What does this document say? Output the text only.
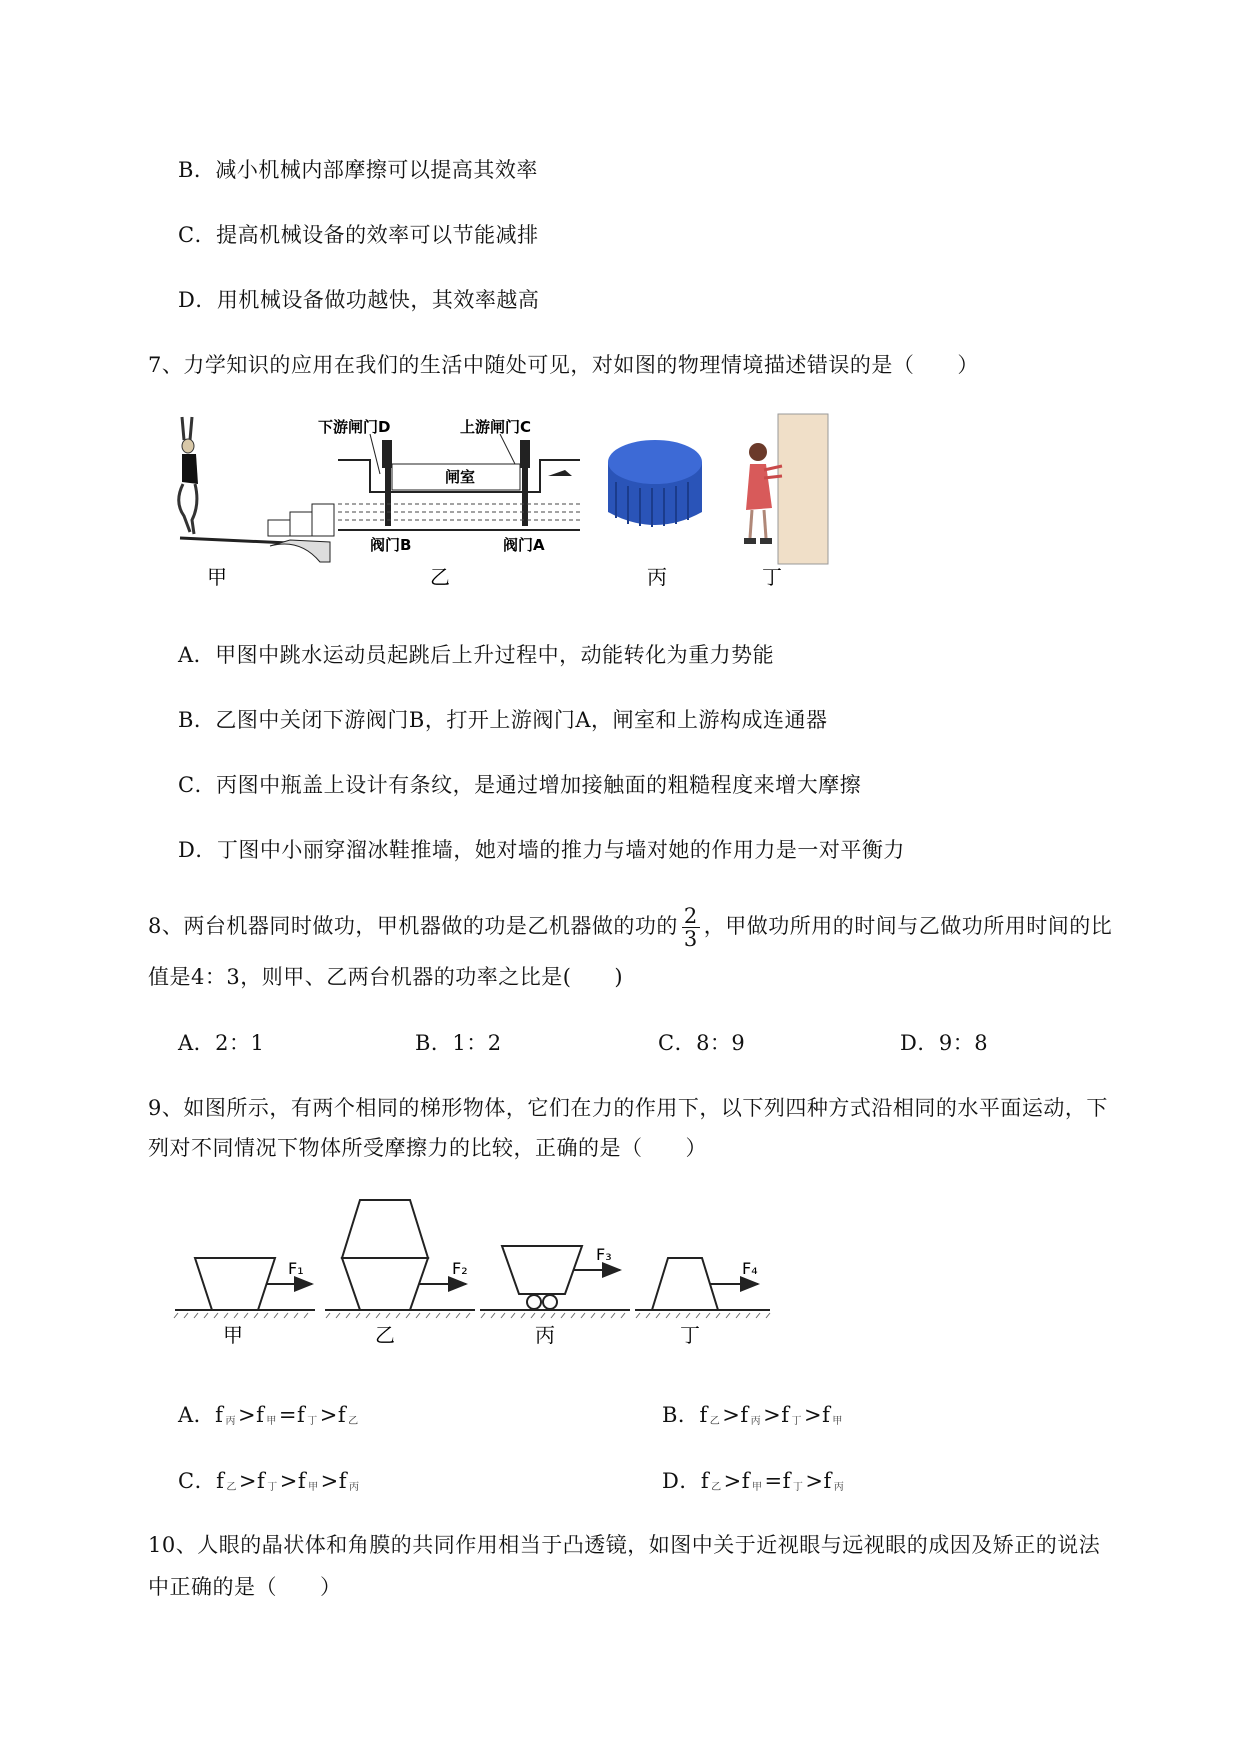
B．减小机械内部摩擦可以提高其效率
C．提高机械设备的效率可以节能减排
D．用机械设备做功越快，其效率越高
7、力学知识的应用在我们的生活中随处可见，对如图的物理情境描述错误的是（　　）
甲
下游闸门D	上游闸门C
闸室
阀门B	阀门A
乙	丙	丁
A．甲图中跳水运动员起跳后上升过程中，动能转化为重力势能
B．乙图中关闭下游阀门B，打开上游阀门A，闸室和上游构成连通器
C．丙图中瓶盖上设计有条纹，是通过增加接触面的粗糙程度来增大摩擦
D．丁图中小丽穿溜冰鞋推墙，她对墙的推力与墙对她的作用力是一对平衡力
8、两台机器同时做功，甲机器做的功是乙机器做的功的 $\frac{2}{3}$ ，甲做功所用的时间与乙做功所用时间的比
值是4：3，则甲、乙两台机器的功率之比是(　　)
A．2：1	B．1：2	C．8：9	D．9：8
9、如图所示，有两个相同的梯形物体，它们在力的作用下，以下列四种方式沿相同的水平面运动，下
列对不同情况下物体所受摩擦力的比较，正确的是（　　）
F₁	F₂
F₃
F₄
甲	乙	丙	丁
A．f $_丙$>f $_甲$=f $_丁$>f $_乙$	B．f $_乙$>f $_丙$>f $_丁$>f $_甲$
C．f $_乙$>f $_丁$>f $_甲$>f $_丙$	D．f $_乙$>f $_甲$=f $_丁$>f $_丙$
10、人眼的晶状体和角膜的共同作用相当于凸透镜，如图中关于近视眼与远视眼的成因及矫正的说法
中正确的是（　　）
